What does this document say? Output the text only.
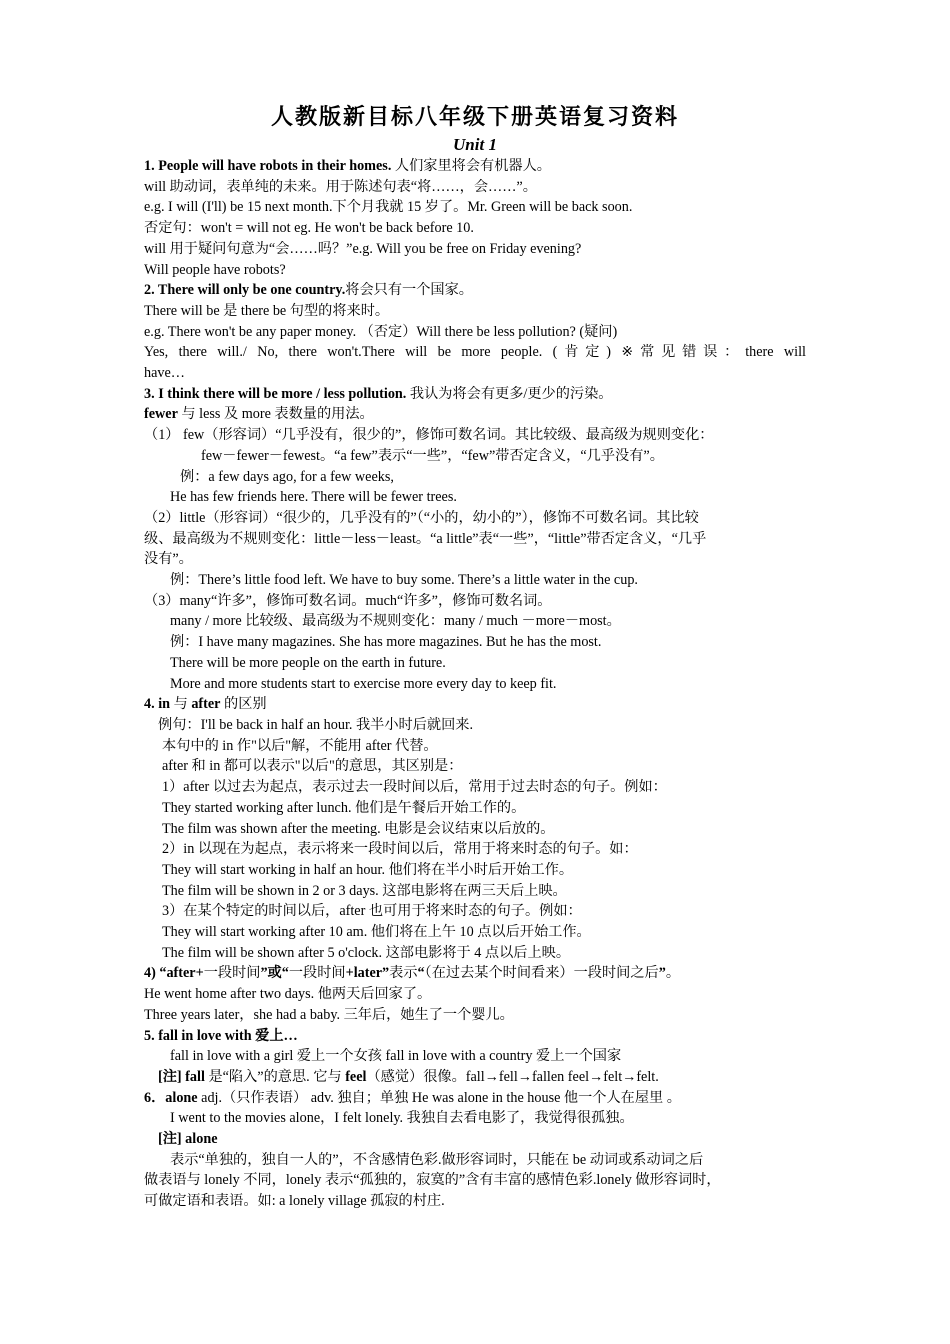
人教版新目标八年级下册英语复习资料
Unit 1
1. People will have robots in their homes. 人们家里将会有机器人。
will 助动词，表单纯的未来。用于陈述句表“将……，会……”。
e.g. I will (I'll) be 15 next month.下个月我就 15 岁了。Mr. Green will be back soon.
否定句：won't = will not eg. He won't be back before 10.
will 用于疑问句意为“会……吗？”e.g. Will you be free on Friday evening?
Will people have robots?
2. There will only be one country.将会只有一个国家。
There will be 是 there be 句型的将来时。
e.g. There won't be any paper money. （否定）Will there be less pollution? (疑问)
Yes, there will./ No, there won't.There will be more people. (肯定) ※常见错误：there will
have…
3. I think there will be more / less pollution. 我认为将会有更多/更少的污染。
fewer 与 less 及 more 表数量的用法。
（1） few（形容词）“几乎没有，很少的”，修饰可数名词。其比较级、最高级为规则变化：
few－fewer－fewest。“a few”表示“一些”，“few”带否定含义，“几乎没有”。
例：a few days ago, for a few weeks,
He has few friends here. There will be fewer trees.
（2）little（形容词）“很少的，几乎没有的”（“小的，幼小的”），修饰不可数名词。其比较
级、最高级为不规则变化：little－less－least。“a little”表“一些”，“little”带否定含义，“几乎
没有”。
例：There’s little food left. We have to buy some. There’s a little water in the cup.
（3）many“许多”，修饰可数名词。much“许多”，修饰可数名词。
many / more 比较级、最高级为不规则变化：many / much －more－most。
例：I have many magazines. She has more magazines. But he has the most.
There will be more people on the earth in future.
More and more students start to exercise more every day to keep fit.
4. in 与 after 的区别
例句：I'll be back in half an hour. 我半小时后就回来.
本句中的 in 作"以后"解，不能用 after 代替。
after 和 in 都可以表示"以后"的意思，其区别是：
1）after 以过去为起点，表示过去一段时间以后，常用于过去时态的句子。例如：
They started working after lunch. 他们是午餐后开始工作的。
The film was shown after the meeting. 电影是会议结束以后放的。
2）in 以现在为起点，表示将来一段时间以后，常用于将来时态的句子。如：
They will start working in half an hour. 他们将在半小时后开始工作。
The film will be shown in 2 or 3 days. 这部电影将在两三天后上映。
3）在某个特定的时间以后，after 也可用于将来时态的句子。例如：
They will start working after 10 am. 他们将在上午 10 点以后开始工作。
The film will be shown after 5 o'clock. 这部电影将于 4 点以后上映。
4) “after+一段时间”或“一段时间+later”表示“（在过去某个时间看来）一段时间之后”。
He went home after two days. 他两天后回家了。
Three years later，she had a baby. 三年后，她生了一个婴儿。
5. fall in love with 爱上…
fall in love with a girl 爱上一个女孩 fall in love with a country 爱上一个国家
[注] fall 是“陷入”的意思. 它与 feel（感觉）很像。fall→fell→fallen feel→felt→felt.
6．alone adj.（只作表语） adv. 独自；单独 He was alone in the house 他一个人在屋里 。
I went to the movies alone，I felt lonely. 我独自去看电影了，我觉得很孤独。
[注] alone
表示“单独的，独自一人的”，不含感情色彩.做形容词时，只能在 be 动词或系动词之后
做表语与 lonely 不同，lonely 表示“孤独的，寂寞的”含有丰富的感情色彩.lonely 做形容词时，
可做定语和表语。如: a lonely village 孤寂的村庄.
